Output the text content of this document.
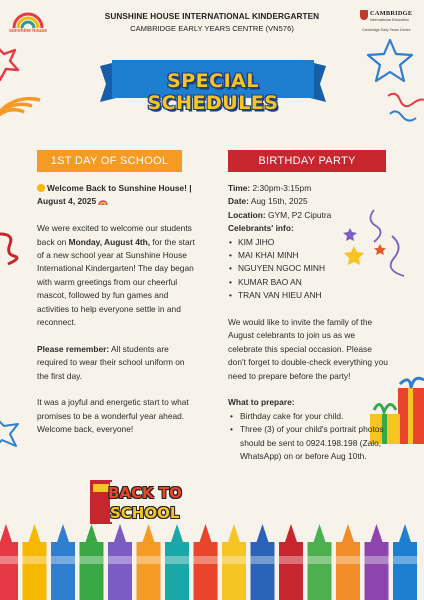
sunshine house
SUNSHINE HOUSE INTERNATIONAL KINDERGARTEN
CAMBRIDGE EARLY YEARS CENTRE (VN576)
CAMBRIDGE
International Education
Cambridge Early Years Centre
SPECIAL SCHEDULES
1ST DAY OF SCHOOL	BIRTHDAY PARTY

Welcome Back to Sunshine House! | August 4, 2025

We were excited to welcome our students back on Monday, August 4th, for the start of a new school year at Sunshine House International Kindergarten! The day began with warm greetings from our cheerful mascot, followed by fun games and activities to help everyone settle in and reconnect.

Please remember: All students are required to wear their school uniform on the first day.

It was a joyful and energetic start to what promises to be a wonderful year ahead. Welcome back, everyone!

BACK TO
SCHOOL
Time: 2:30pm-3:15pm
Date: Aug 15th, 2025
Location: GYM, P2 Ciputra
Celebrants' info:
• KIM JIHO
• MAI KHAI MINH
• NGUYEN NGOC MINH
• KUMAR BAO AN
• TRAN VAN HIEU ANH

We would like to invite the family of the August celebrants to join us as we celebrate this special occasion. Please don't forget to double-check everything you need to prepare before the party!

What to prepare:
• Birthday cake for your child.
• Three (3) of your child's portrait photos should be sent to 0924.198.198 (Zalo, WhatsApp) on or before Aug 10th.
